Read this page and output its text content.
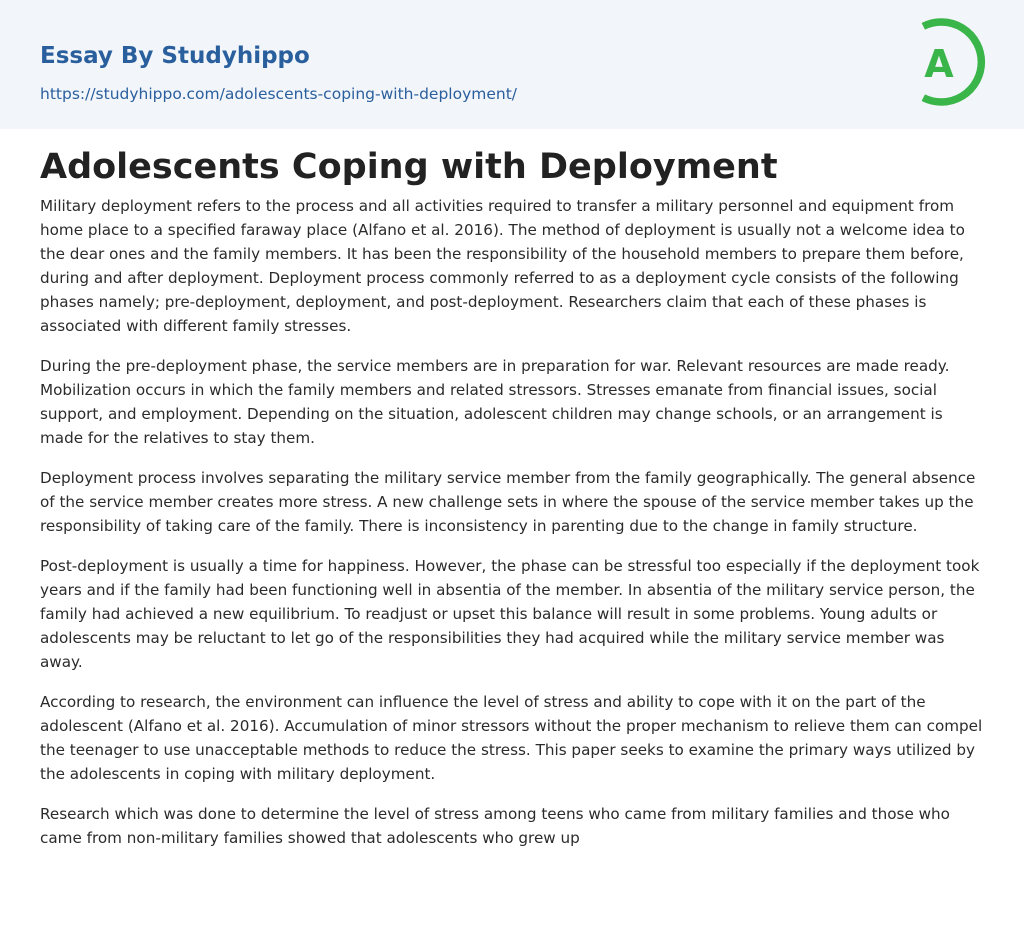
Essay By Studyhippo
https://studyhippo.com/adolescents-coping-with-deployment/
A
Adolescents Coping with Deployment

Military deployment refers to the process and all activities required to transfer a military personnel and equipment from home place to a specified faraway place (Alfano et al. 2016). The method of deployment is usually not a welcome idea to the dear ones and the family members. It has been the responsibility of the household members to prepare them before, during and after deployment. Deployment process commonly referred to as a deployment cycle consists of the following phases namely; pre-deployment, deployment, and post-deployment. Researchers claim that each of these phases is associated with different family stresses.

During the pre-deployment phase, the service members are in preparation for war. Relevant resources are made ready. Mobilization occurs in which the family members and related stressors. Stresses emanate from financial issues, social support, and employment. Depending on the situation, adolescent children may change schools, or an arrangement is made for the relatives to stay them.

Deployment process involves separating the military service member from the family geographically. The general absence of the service member creates more stress. A new challenge sets in where the spouse of the service member takes up the responsibility of taking care of the family. There is inconsistency in parenting due to the change in family structure.

Post-deployment is usually a time for happiness. However, the phase can be stressful too especially if the deployment took years and if the family had been functioning well in absentia of the member. In absentia of the military service person, the family had achieved a new equilibrium. To readjust or upset this balance will result in some problems. Young adults or adolescents may be reluctant to let go of the responsibilities they had acquired while the military service member was away.

According to research, the environment can influence the level of stress and ability to cope with it on the part of the adolescent (Alfano et al. 2016). Accumulation of minor stressors without the proper mechanism to relieve them can compel the teenager to use unacceptable methods to reduce the stress. This paper seeks to examine the primary ways utilized by the adolescents in coping with military deployment.

Research which was done to determine the level of stress among teens who came from military families and those who came from non-military families showed that adolescents who grew up
